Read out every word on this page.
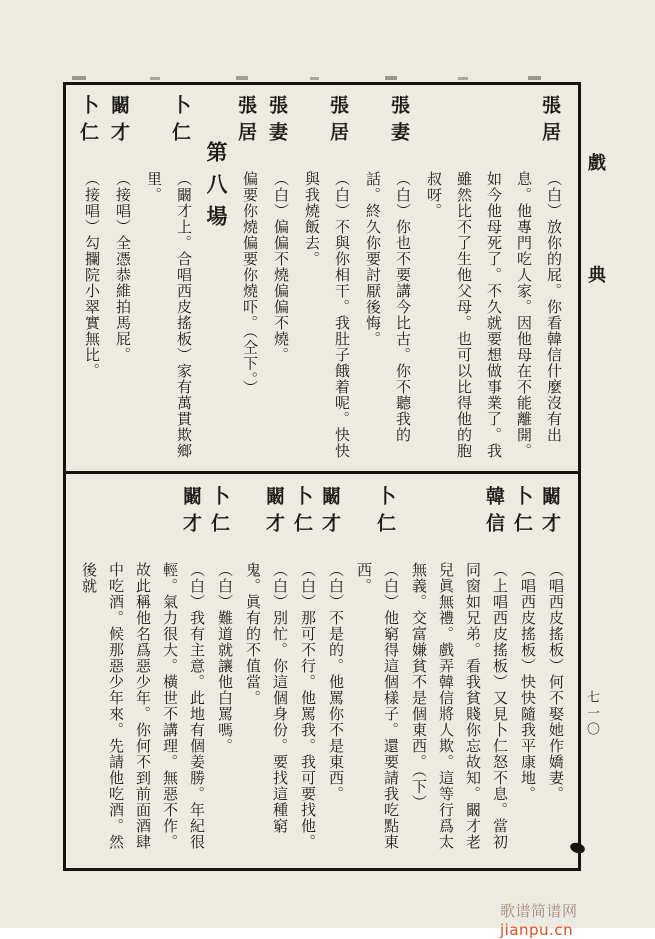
張居
（白）放你的屁。你看韓信什麼沒有出息。他專門吃人家。因他母在不能離開。如今他母死了。不久就要想做事業了。我雖然比不了生他父母。也可以比得他的胞叔呀。
張妻
（白）你也不要講今比古。你不聽我的話。終久你要討厭後悔。
張居
（白）不與你相干。我肚子餓着呢。快快與我燒飯去。
張妻
（白）偏偏不燒偏偏不燒。
張居
偏要你燒偏要你燒吓。（仝下。）
第八場
卜仁
（闞才上。合唱西皮搖板）家有萬貫欺鄉里。
闞才
（接唱）全憑恭維拍馬屁。
卜仁
（接唱）勾攔院小翠實無比。
闞才
（唱西皮搖板）何不娶她作嬌妻。
卜仁
（唱西皮搖板）快快隨我平康地。
韓信
（上唱西皮搖板）又見卜仁怒不息。當初同窗如兄弟。看我貧賤你忘故知。闞才老兒眞無禮。戲弄韓信將人欺。這等行爲太無義。交富嫌貧不是個東西。（下）
卜仁
（白）他窮得這個樣子。還要請我吃點東西。
闞才
（白）不是的。他罵你不是東西。
卜仁
（白）那可不行。他罵我。我可要找他。
闞才
（白）別忙。你這個身份。要找這種窮鬼。眞有的不值當。
卜仁
（白）難道就讓他白罵嗎。
闞才
（白）我有主意。此地有個姜勝。年紀很輕。氣力很大。橫世不講理。無惡不作。故此稱他名爲惡少年。你何不到前面酒肆中吃酒。候那惡少年來。先請他吃酒。然後就
戲
典
七一〇
歌谱简谱网 jianpu.cn
